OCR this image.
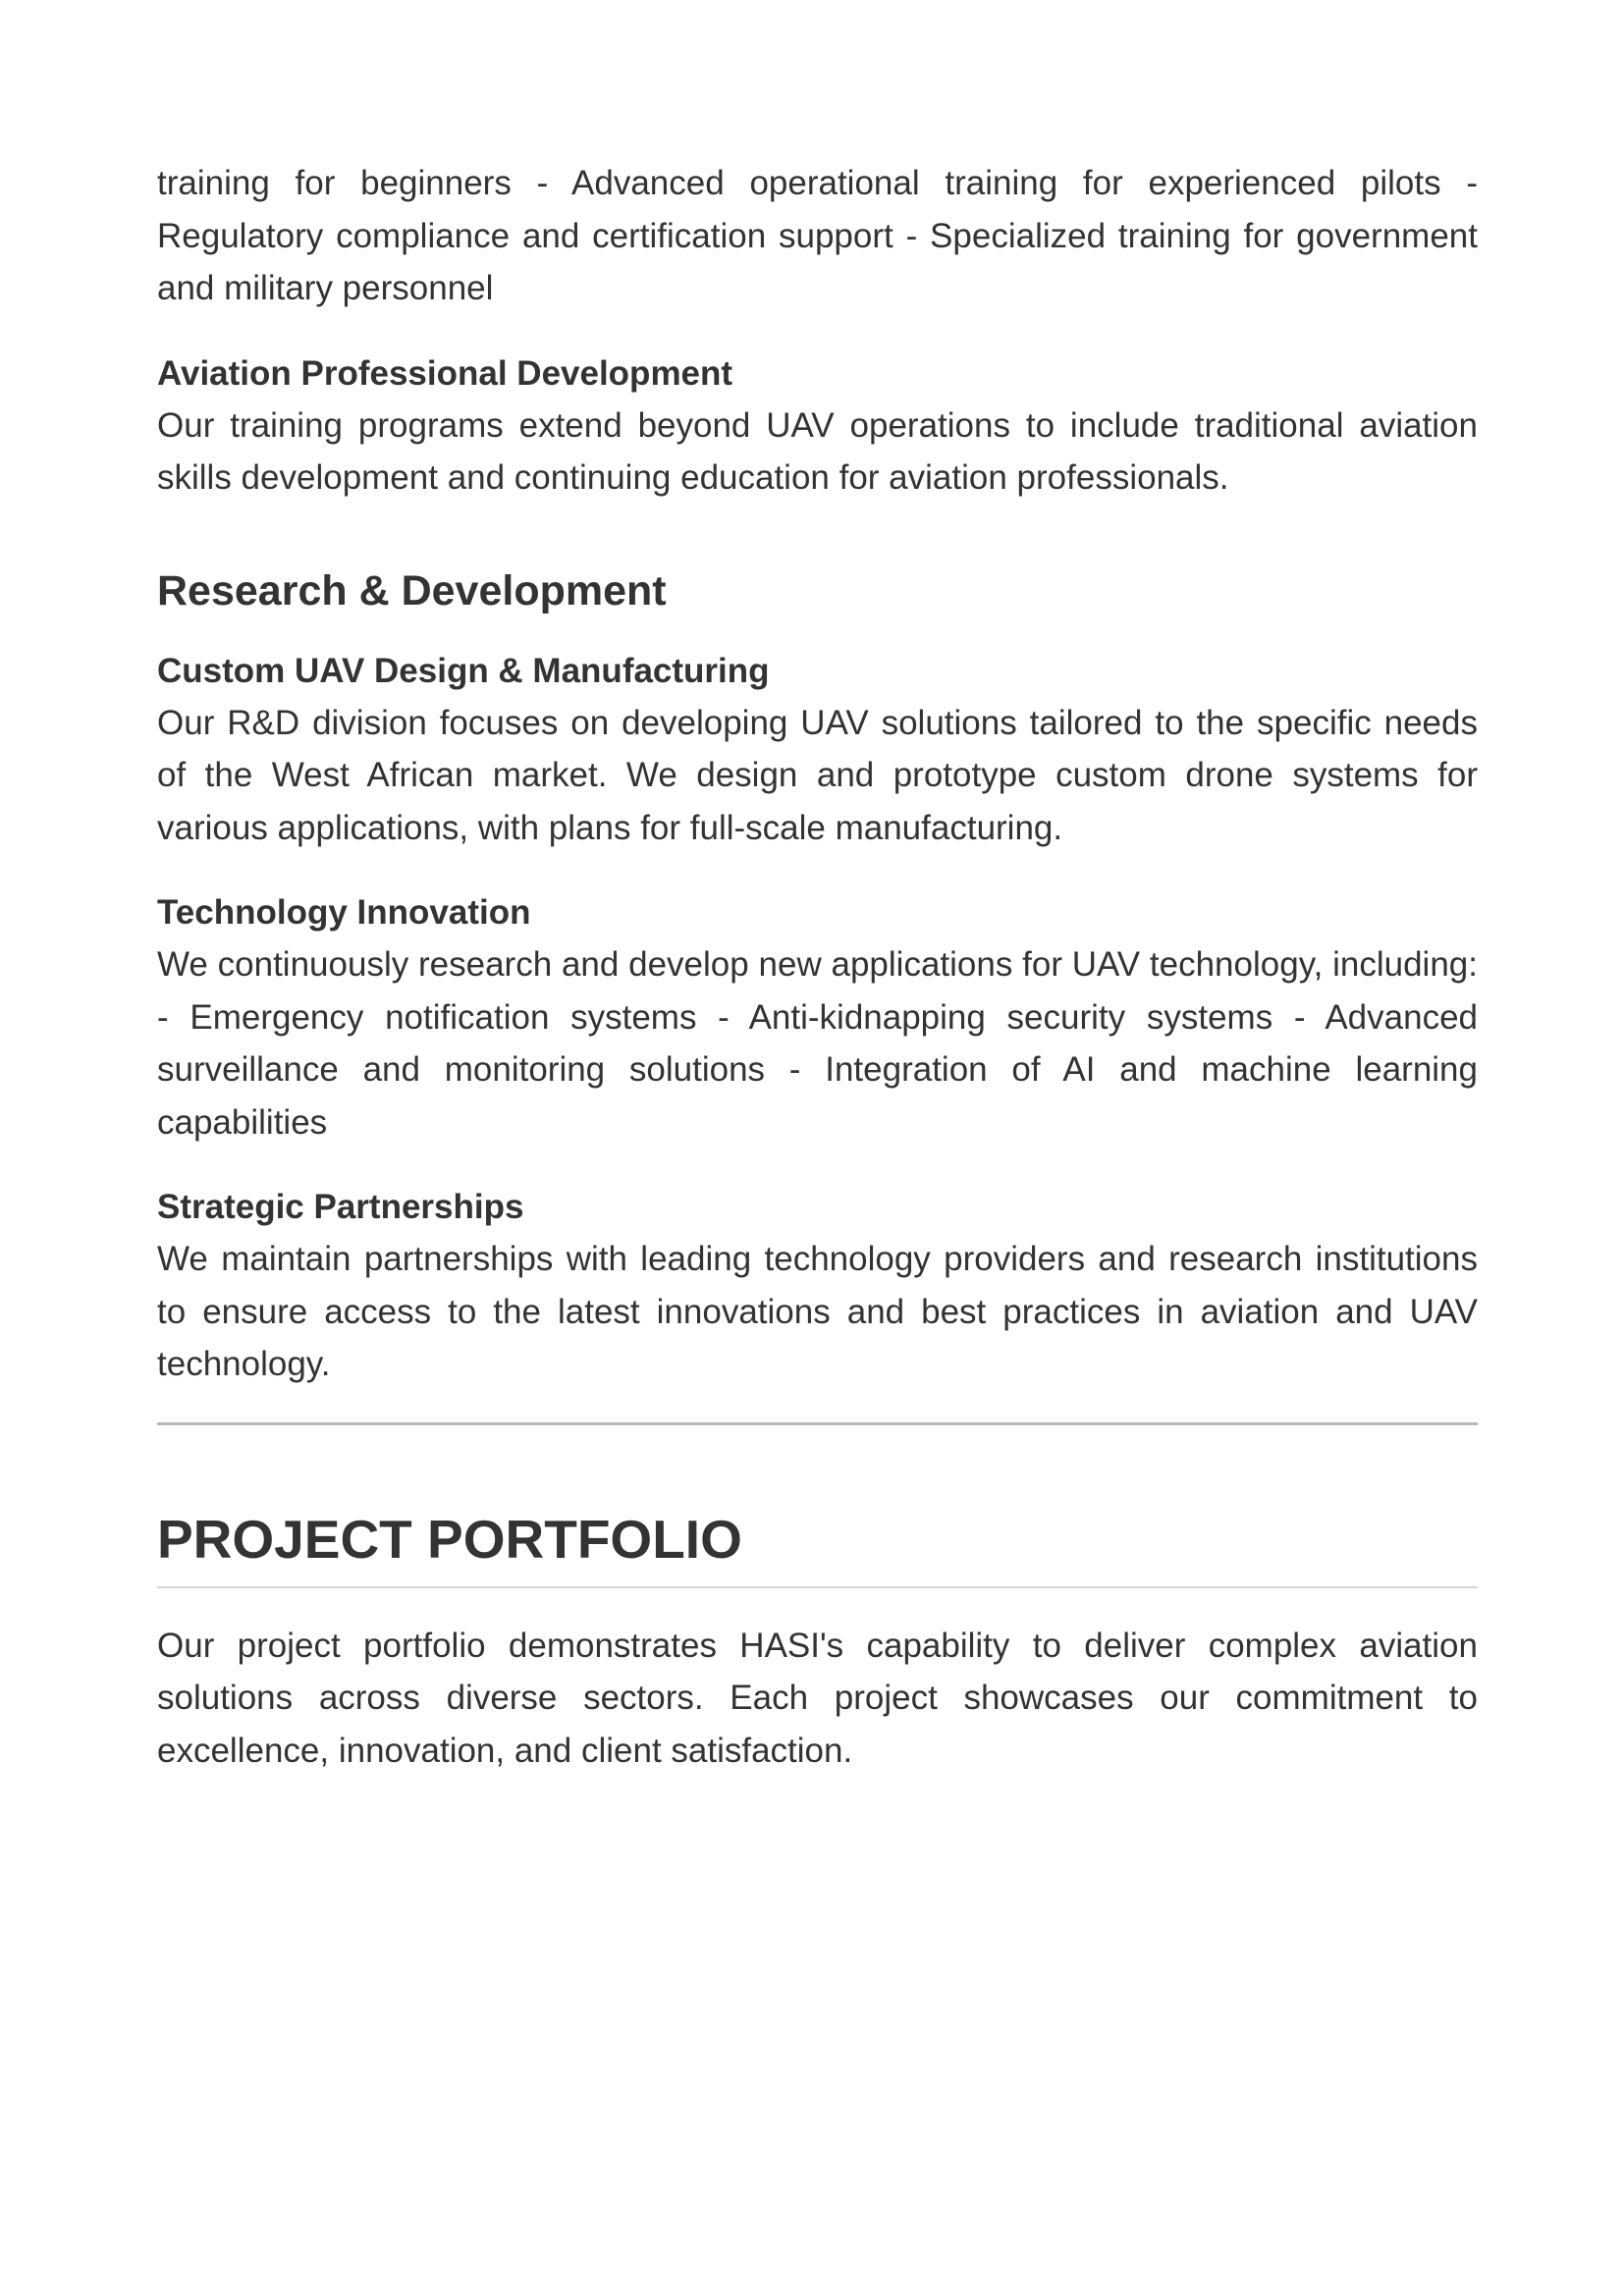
training for beginners - Advanced operational training for experienced pilots - Regulatory compliance and certification support - Specialized training for government and military personnel

Aviation Professional Development

Our training programs extend beyond UAV operations to include traditional aviation skills development and continuing education for aviation professionals.

Research & Development
Custom UAV Design & Manufacturing

Our R&D division focuses on developing UAV solutions tailored to the specific needs of the West African market. We design and prototype custom drone systems for various applications, with plans for full-scale manufacturing.

Technology Innovation

We continuously research and develop new applications for UAV technology, including: - Emergency notification systems - Anti-kidnapping security systems - Advanced surveillance and monitoring solutions - Integration of AI and machine learning capabilities

Strategic Partnerships

We maintain partnerships with leading technology providers and research institutions to ensure access to the latest innovations and best practices in aviation and UAV technology.

PROJECT PORTFOLIO

Our project portfolio demonstrates HASI's capability to deliver complex aviation solutions across diverse sectors. Each project showcases our commitment to excellence, innovation, and client satisfaction.
